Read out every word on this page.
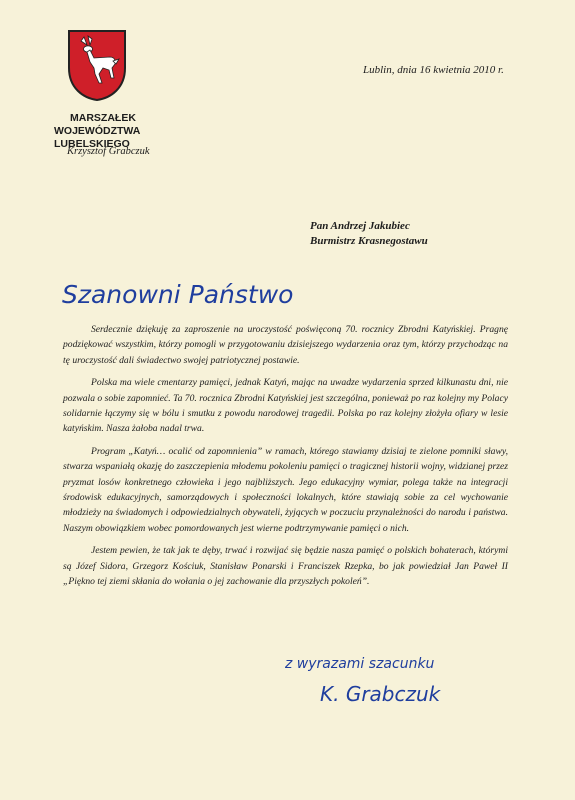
MARSZAŁEK
WOJEWÓDZTWA LUBELSKIEGO
Krzysztof Grabczuk
Lublin, dnia 16 kwietnia 2010 r.
Pan Andrzej Jakubiec
Burmistrz Krasnegostawu
Szanowni Państwo

Serdecznie dziękuję za zaproszenie na uroczystość poświęconą 70. rocznicy Zbrodni Katyńskiej. Pragnę podziękować wszystkim, którzy pomogli w przygotowaniu dzisiejszego wydarzenia oraz tym, którzy przychodząc na tę uroczystość dali świadectwo swojej patriotycznej postawie.

Polska ma wiele cmentarzy pamięci, jednak Katyń, mając na uwadze wydarzenia sprzed kilkunastu dni, nie pozwala o sobie zapomnieć. Ta 70. rocznica Zbrodni Katyńskiej jest szczególna, ponieważ po raz kolejny my Polacy solidarnie łączymy się w bólu i smutku z powodu narodowej tragedii. Polska po raz kolejny złożyła ofiary w lesie katyńskim. Nasza żałoba nadal trwa.

Program „Katyń… ocalić od zapomnienia” w ramach, którego stawiamy dzisiaj te zielone pomniki sławy, stwarza wspaniałą okazję do zaszczepienia młodemu pokoleniu pamięci o tragicznej historii wojny, widzianej przez pryzmat losów konkretnego człowieka i jego najbliższych. Jego edukacyjny wymiar, polega także na integracji środowisk edukacyjnych, samorządowych i społeczności lokalnych, które stawiają sobie za cel wychowanie młodzieży na świadomych i odpowiedzialnych obywateli, żyjących w poczuciu przynależności do narodu i państwa. Naszym obowiązkiem wobec pomordowanych jest wierne podtrzymywanie pamięci o nich.

Jestem pewien, że tak jak te dęby, trwać i rozwijać się będzie nasza pamięć o polskich bohaterach, którymi są Józef Sidora, Grzegorz Kościuk, Stanisław Ponarski i Franciszek Rzepka, bo jak powiedział Jan Paweł II „Piękno tej ziemi skłania do wołania o jej zachowanie dla przyszłych pokoleń”.

z wyrazami szacunku
K. Grabczuk
